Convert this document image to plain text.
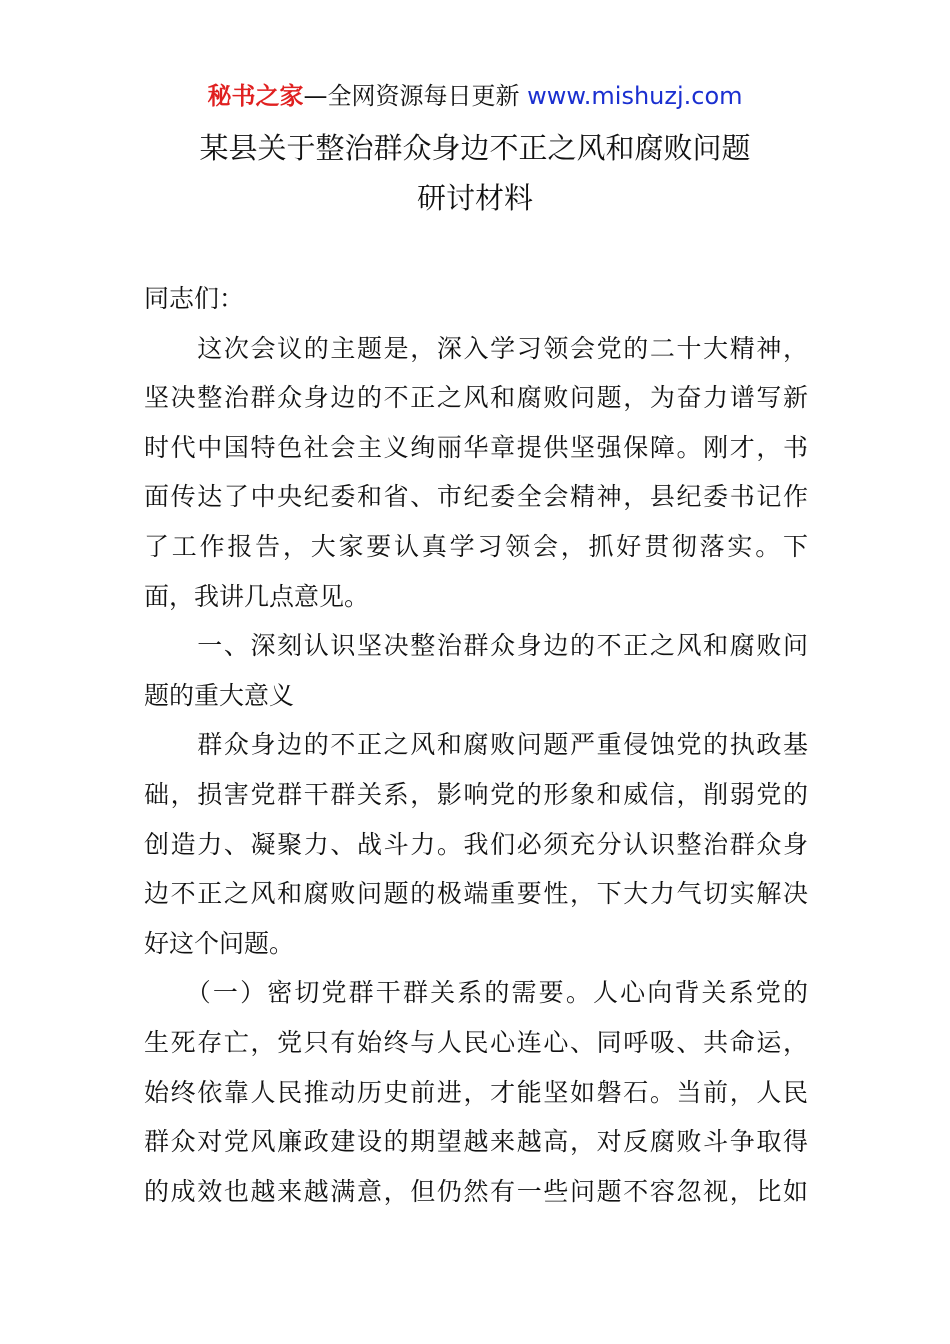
秘书之家—全网资源每日更新 www.mishuzj.com
某县关于整治群众身边不正之风和腐败问题
研讨材料
同志们：
　　这次会议的主题是，深入学习领会党的二十大精神，
坚决整治群众身边的不正之风和腐败问题，为奋力谱写新
时代中国特色社会主义绚丽华章提供坚强保障。刚才，书
面传达了中央纪委和省、市纪委全会精神，县纪委书记作
了工作报告，大家要认真学习领会，抓好贯彻落实。下
面，我讲几点意见。
　　一、深刻认识坚决整治群众身边的不正之风和腐败问
题的重大意义
　　群众身边的不正之风和腐败问题严重侵蚀党的执政基
础，损害党群干群关系，影响党的形象和威信，削弱党的
创造力、凝聚力、战斗力。我们必须充分认识整治群众身
边不正之风和腐败问题的极端重要性，下大力气切实解决
好这个问题。
　　（一）密切党群干群关系的需要。人心向背关系党的
生死存亡，党只有始终与人民心连心、同呼吸、共命运，
始终依靠人民推动历史前进，才能坚如磐石。当前，人民
群众对党风廉政建设的期望越来越高，对反腐败斗争取得
的成效也越来越满意，但仍然有一些问题不容忽视，比如
